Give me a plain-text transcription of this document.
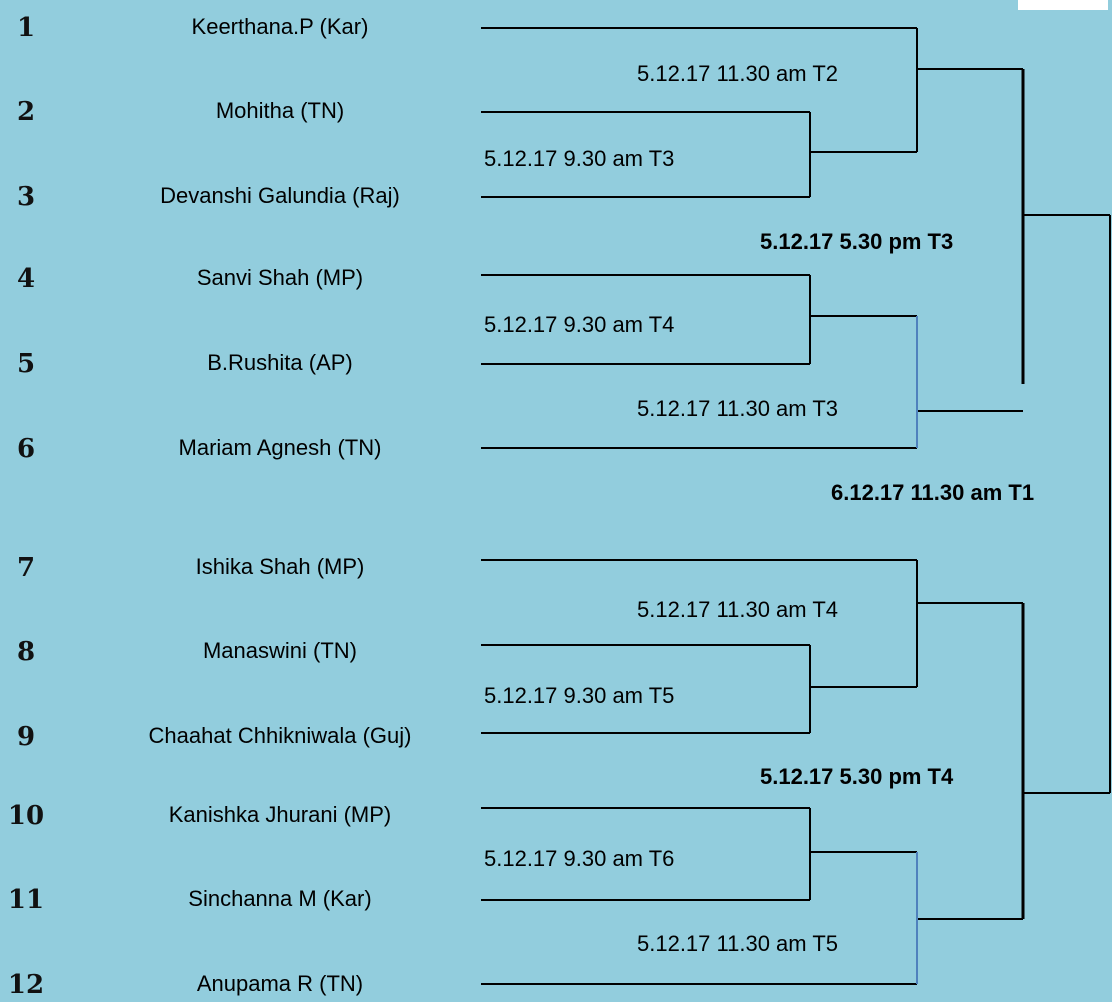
1	Keerthana.P (Kar)
2	Mohitha (TN)
3	Devanshi Galundia (Raj)
4	Sanvi Shah (MP)
5	B.Rushita (AP)
6	Mariam Agnesh (TN)
7	Ishika Shah (MP)
8	Manaswini (TN)
9	Chaahat Chhikniwala (Guj)
10	Kanishka Jhurani (MP)
11	Sinchanna M (Kar)
12	Anupama R (TN)
5.12.17 11.30 am T2
5.12.17 9.30 am T3
5.12.17 5.30 pm T3
5.12.17 9.30 am T4
5.12.17 11.30 am T3
6.12.17 11.30 am T1
5.12.17 11.30 am T4
5.12.17 9.30 am T5
5.12.17 5.30 pm T4
5.12.17 9.30 am T6
5.12.17 11.30 am T5
